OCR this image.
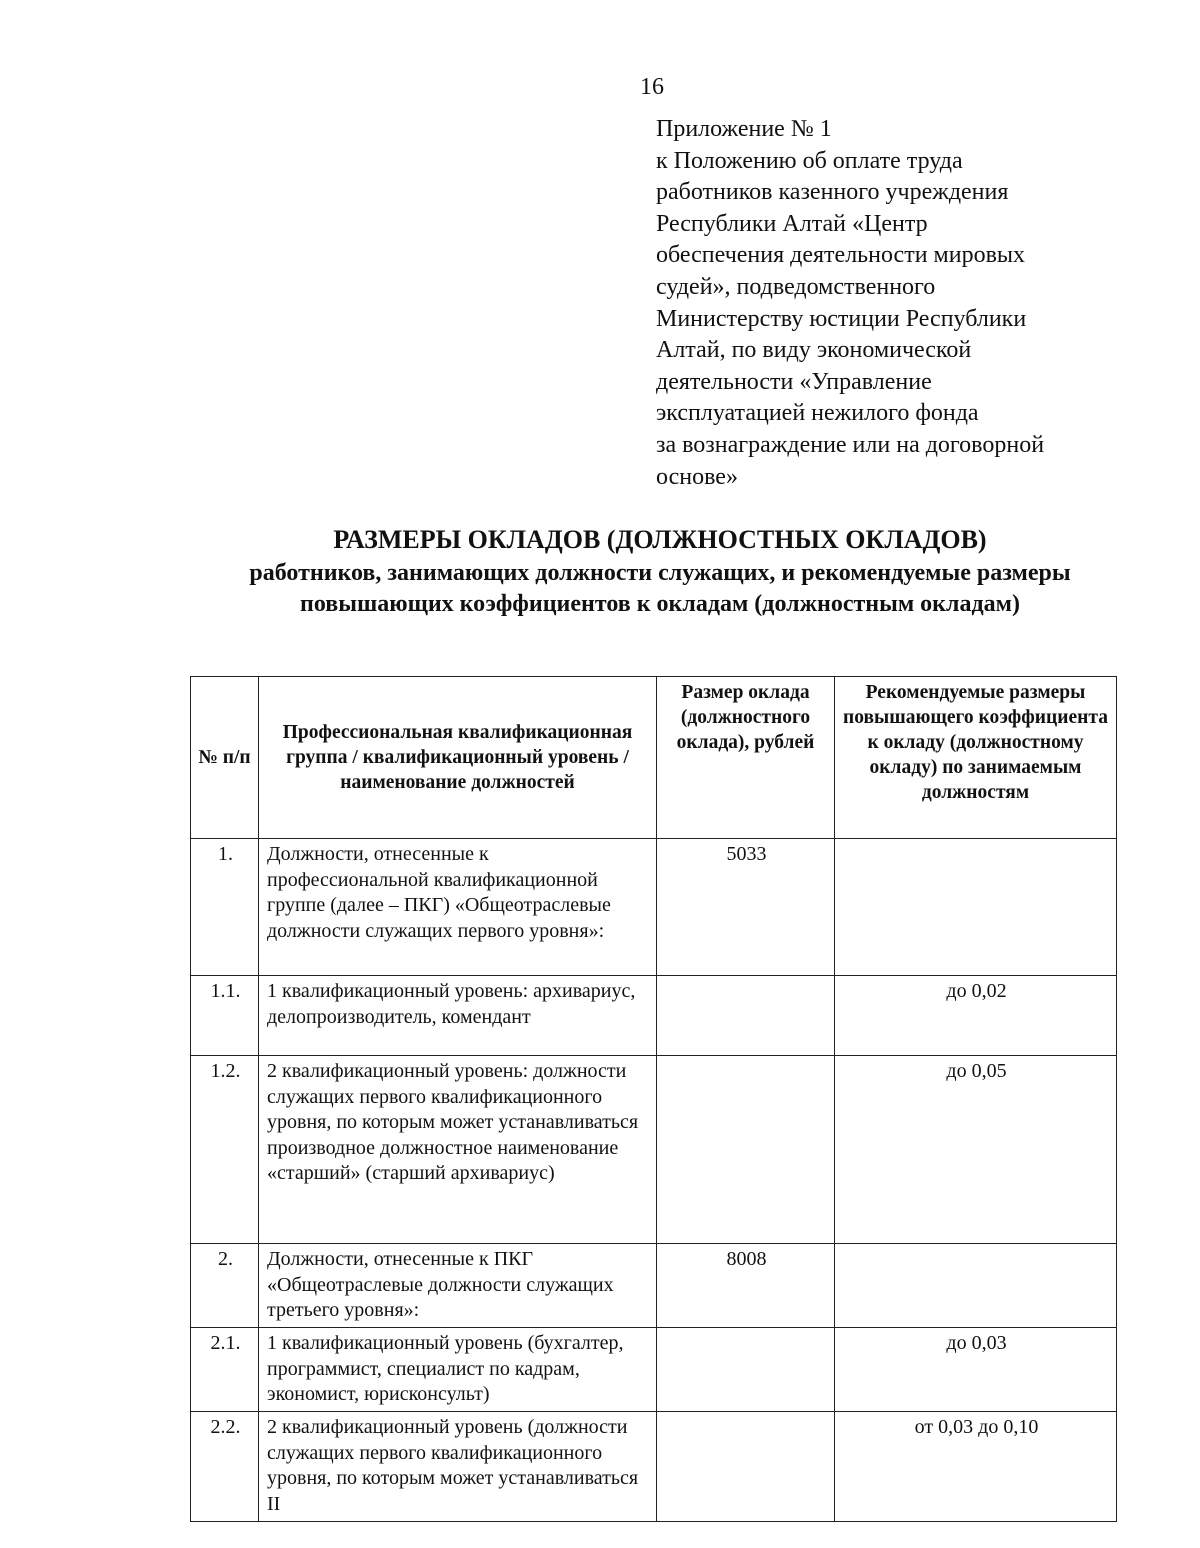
16
Приложение № 1
к Положению об оплате труда
работников казенного учреждения
Республики Алтай «Центр
обеспечения деятельности мировых
судей», подведомственного
Министерству юстиции Республики
Алтай, по виду экономической
деятельности «Управление
эксплуатацией нежилого фонда
за вознаграждение или на договорной
основе»
РАЗМЕРЫ ОКЛАДОВ (ДОЛЖНОСТНЫХ ОКЛАДОВ)
работников, занимающих должности служащих, и рекомендуемые размеры
повышающих коэффициентов к окладам (должностным окладам)
№ п/п	Профессиональная квалификационная группа / квалификационный уровень / наименование должностей	Размер оклада (должностного оклада), рублей	Рекомендуемые размеры повышающего коэффициента к окладу (должностному окладу) по занимаемым должностям
1.	Должности, отнесенные к профессиональной квалификационной группе (далее – ПКГ) «Общеотраслевые должности служащих первого уровня»:	5033	
1.1.	1 квалификационный уровень: архивариус, делопроизводитель, комендант		до 0,02
1.2.	2 квалификационный уровень: должности служащих первого квалификационного уровня, по которым может устанавливаться производное должностное наименование «старший» (старший архивариус)		до 0,05
2.	Должности, отнесенные к ПКГ «Общеотраслевые должности служащих третьего уровня»:	8008	
2.1.	1 квалификационный уровень (бухгалтер, программист, специалист по кадрам, экономист, юрисконсульт)		до 0,03
2.2.	2 квалификационный уровень (должности служащих первого квалификационного уровня, по которым может устанавливаться II		от 0,03 до 0,10
